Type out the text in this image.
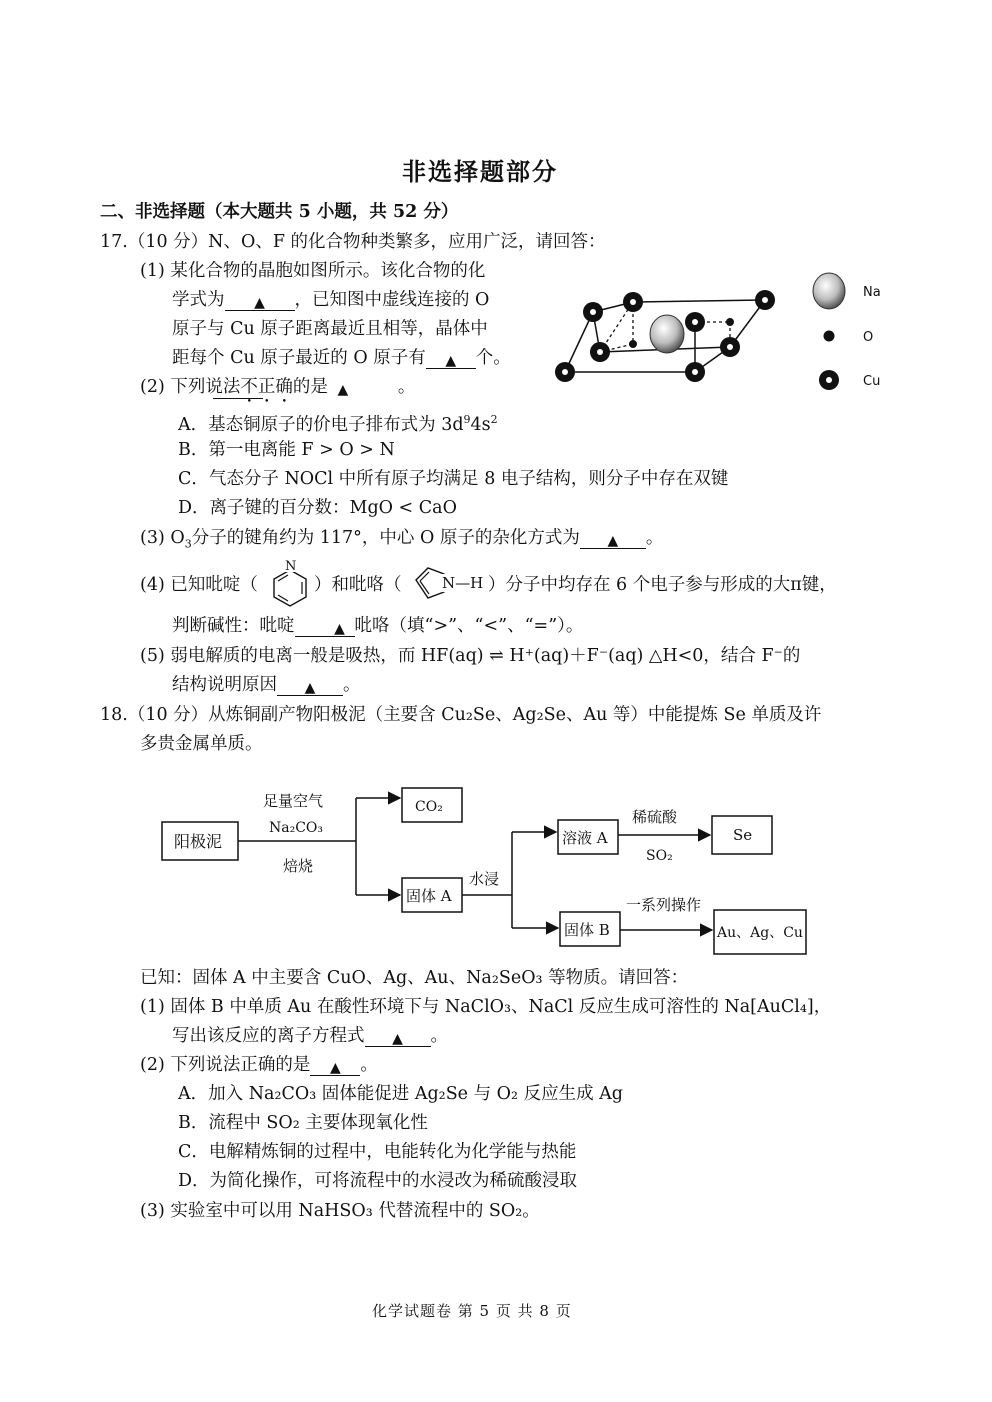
非选择题部分
二、非选择题（本大题共 5 小题，共 52 分）
17.（10 分）N、O、F 的化合物种类繁多，应用广泛，请回答：
(1) 某化合物的晶胞如图所示。该化合物的化
学式为 ▲ ，已知图中虚线连接的 O
原子与 Cu 原子距离最近且相等，晶体中
距每个 Cu 原子最近的 O 原子有 ▲ 个。
Na
O
Cu
(2) 下列说法不正确的是 ▲	。
A．基态铜原子的价电子排布式为 $3d^94s^2$
B．第一电离能 F > O > N
C．气态分子 NOCl 中所有原子均满足 8 电子结构，则分子中存在双键
D．离子键的百分数：MgO < CaO
(3) $O_3$分子的键角约为 117°，中心 O 原子的杂化方式为 ▲ 。
(4) 已知吡啶（
N
）和吡咯（	N—H ）分子中均存在 6 个电子参与形成的大π键，
判断碱性：吡啶	▲ 吡咯（填“>”、“<”、“=”）。
(5) 弱电解质的电离一般是吸热，而 HF(aq) ⇌ H⁺(aq)＋F⁻(aq) △H<0，结合 F⁻的
结构说明原因 ▲ 。
18.（10 分）从炼铜副产物阳极泥（主要含 Cu₂Se、Ag₂Se、Au 等）中能提炼 Se 单质及许
多贵金属单质。
阳极泥
足量空气
Na₂CO₃
焙烧
CO₂
固体 A
水浸
溶液 A
稀硫酸
SO₂
Se
固体 B
一系列操作
Au、Ag、Cu
已知：固体 A 中主要含 CuO、Ag、Au、Na₂SeO₃ 等物质。请回答：
(1) 固体 B 中单质 Au 在酸性环境下与 NaClO₃、NaCl 反应生成可溶性的 Na[AuCl₄]，
写出该反应的离子方程式 ▲ 。
(2) 下列说法正确的是 ▲ 。
A．加入 Na₂CO₃ 固体能促进 Ag₂Se 与 O₂ 反应生成 Ag
B．流程中 SO₂ 主要体现氧化性
C．电解精炼铜的过程中，电能转化为化学能与热能
D．为简化操作，可将流程中的水浸改为稀硫酸浸取
(3) 实验室中可以用 NaHSO₃ 代替流程中的 SO₂。
化学试题卷 第 5 页 共 8 页
